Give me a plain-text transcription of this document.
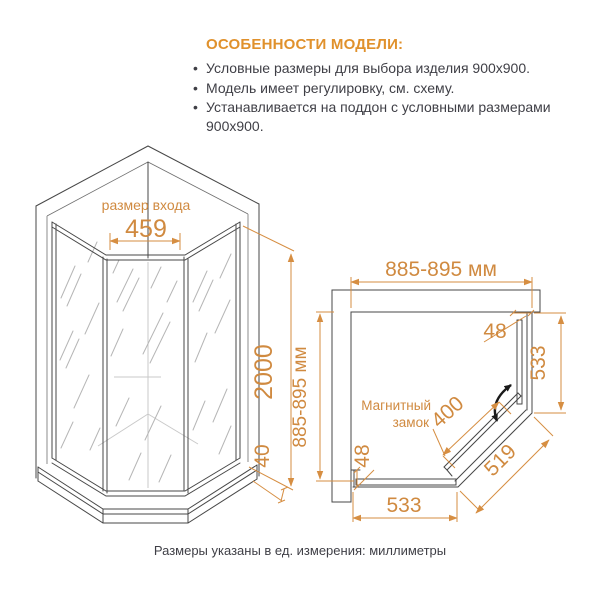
ОСОБЕННОСТИ МОДЕЛИ:
• Условные размеры для выбора изделия 900x900.
• Модель имеет регулировку, см. схему.
• Устанавливается на поддон с условными размерами 900x900.
размер входа
459
2000
40
885-895 мм
885-895 мм
48
533
519
400
Магнитный
замок
48
533
Размеры указаны в ед. измерения: миллиметры
